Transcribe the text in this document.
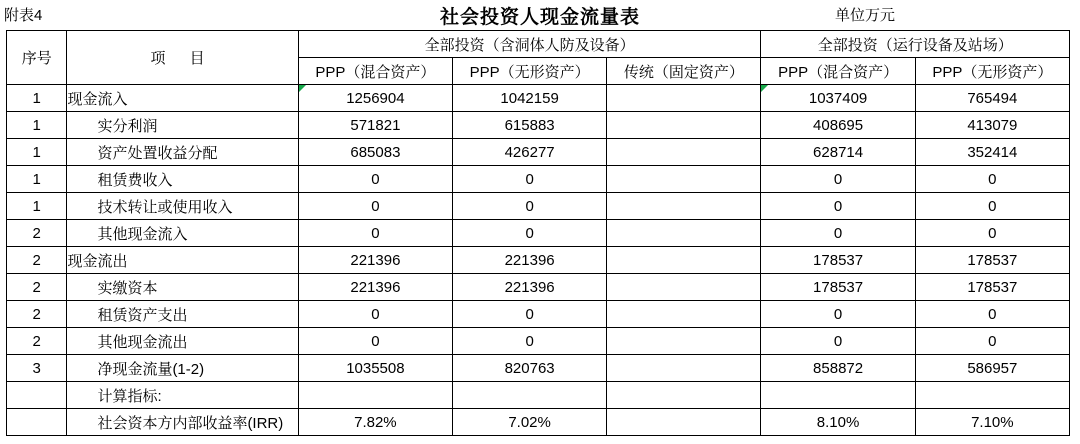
附表4	社会投资人现金流量表	单位万元
序号	项 目	全部投资（含洞体人防及设备）			全部投资（运行设备及站场）	
		PPP（混合资产）	PPP（无形资产）	传统（固定资产）	PPP（混合资产）	PPP（无形资产）
1	现金流入	1256904	1042159		1037409	765494
1	实分利润	571821	615883		408695	413079
1	资产处置收益分配	685083	426277		628714	352414
1	租赁费收入	0	0		0	0
1	技术转让或使用收入	0	0		0	0
2	其他现金流入	0	0		0	0
2	现金流出	221396	221396		178537	178537
2	实缴资本	221396	221396		178537	178537
2	租赁资产支出	0	0		0	0
2	其他现金流出	0	0		0	0
3	净现金流量(1-2)	1035508	820763		858872	586957
	计算指标:					
	社会资本方内部收益率(IRR)	7.82%	7.02%		8.10%	7.10%
